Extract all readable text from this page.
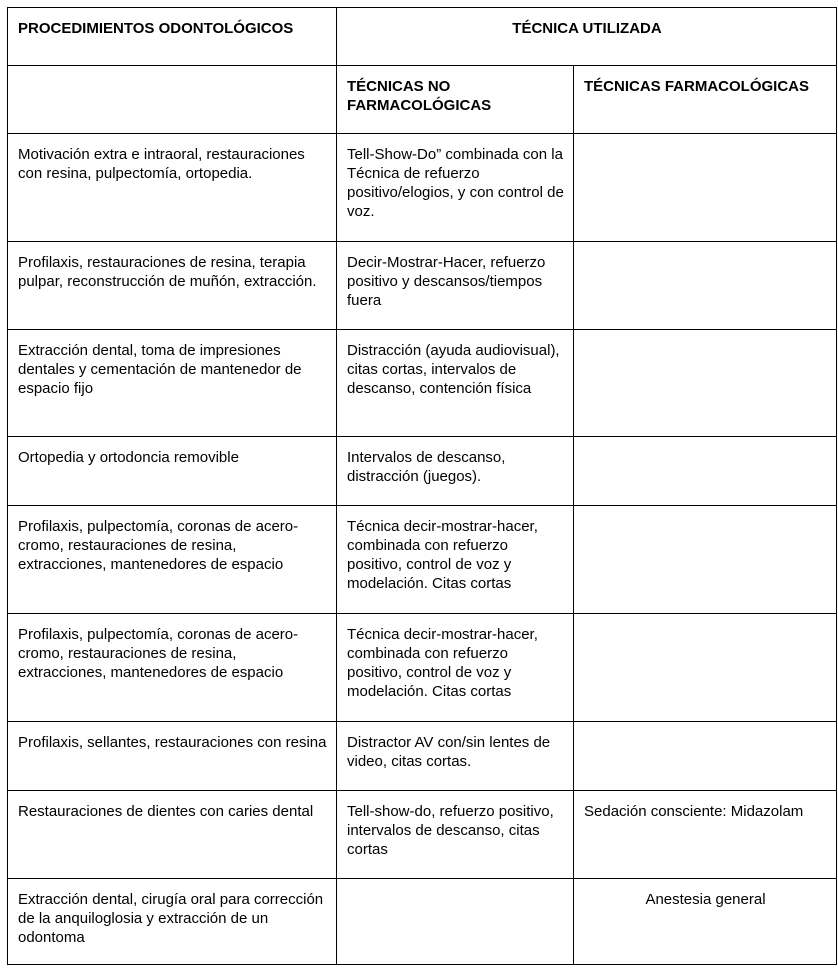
PROCEDIMIENTOS ODONTOLÓGICOS	TÉCNICA UTILIZADA	
	TÉCNICAS NO FARMACOLÓGICAS	TÉCNICAS FARMACOLÓGICAS
Motivación extra e intraoral, restauraciones con resina, pulpectomía, ortopedia.	Tell-Show-Do” combinada con la Técnica de refuerzo positivo/elogios, y con control de voz.	
Profilaxis, restauraciones de resina, terapia pulpar, reconstrucción de muñón, extracción.	Decir-Mostrar-Hacer, refuerzo positivo y descansos/tiempos fuera	
Extracción dental, toma de impresiones dentales y cementación de mantenedor de espacio fijo	Distracción (ayuda audiovisual), citas cortas, intervalos de descanso, contención física	
Ortopedia y ortodoncia removible	Intervalos de descanso, distracción (juegos).	
Profilaxis, pulpectomía, coronas de acero-cromo, restauraciones de resina, extracciones, mantenedores de espacio	Técnica decir-mostrar-hacer, combinada con refuerzo positivo, control de voz y modelación. Citas cortas	
Profilaxis, pulpectomía, coronas de acero-cromo, restauraciones de resina, extracciones, mantenedores de espacio	Técnica decir-mostrar-hacer, combinada con refuerzo positivo, control de voz y modelación. Citas cortas	
Profilaxis, sellantes, restauraciones con resina	Distractor AV con/sin lentes de video, citas cortas.	
Restauraciones de dientes con caries dental	Tell-show-do, refuerzo positivo, intervalos de descanso, citas cortas	Sedación consciente: Midazolam
Extracción dental, cirugía oral para corrección de la anquiloglosia y extracción de un odontoma		Anestesia general
